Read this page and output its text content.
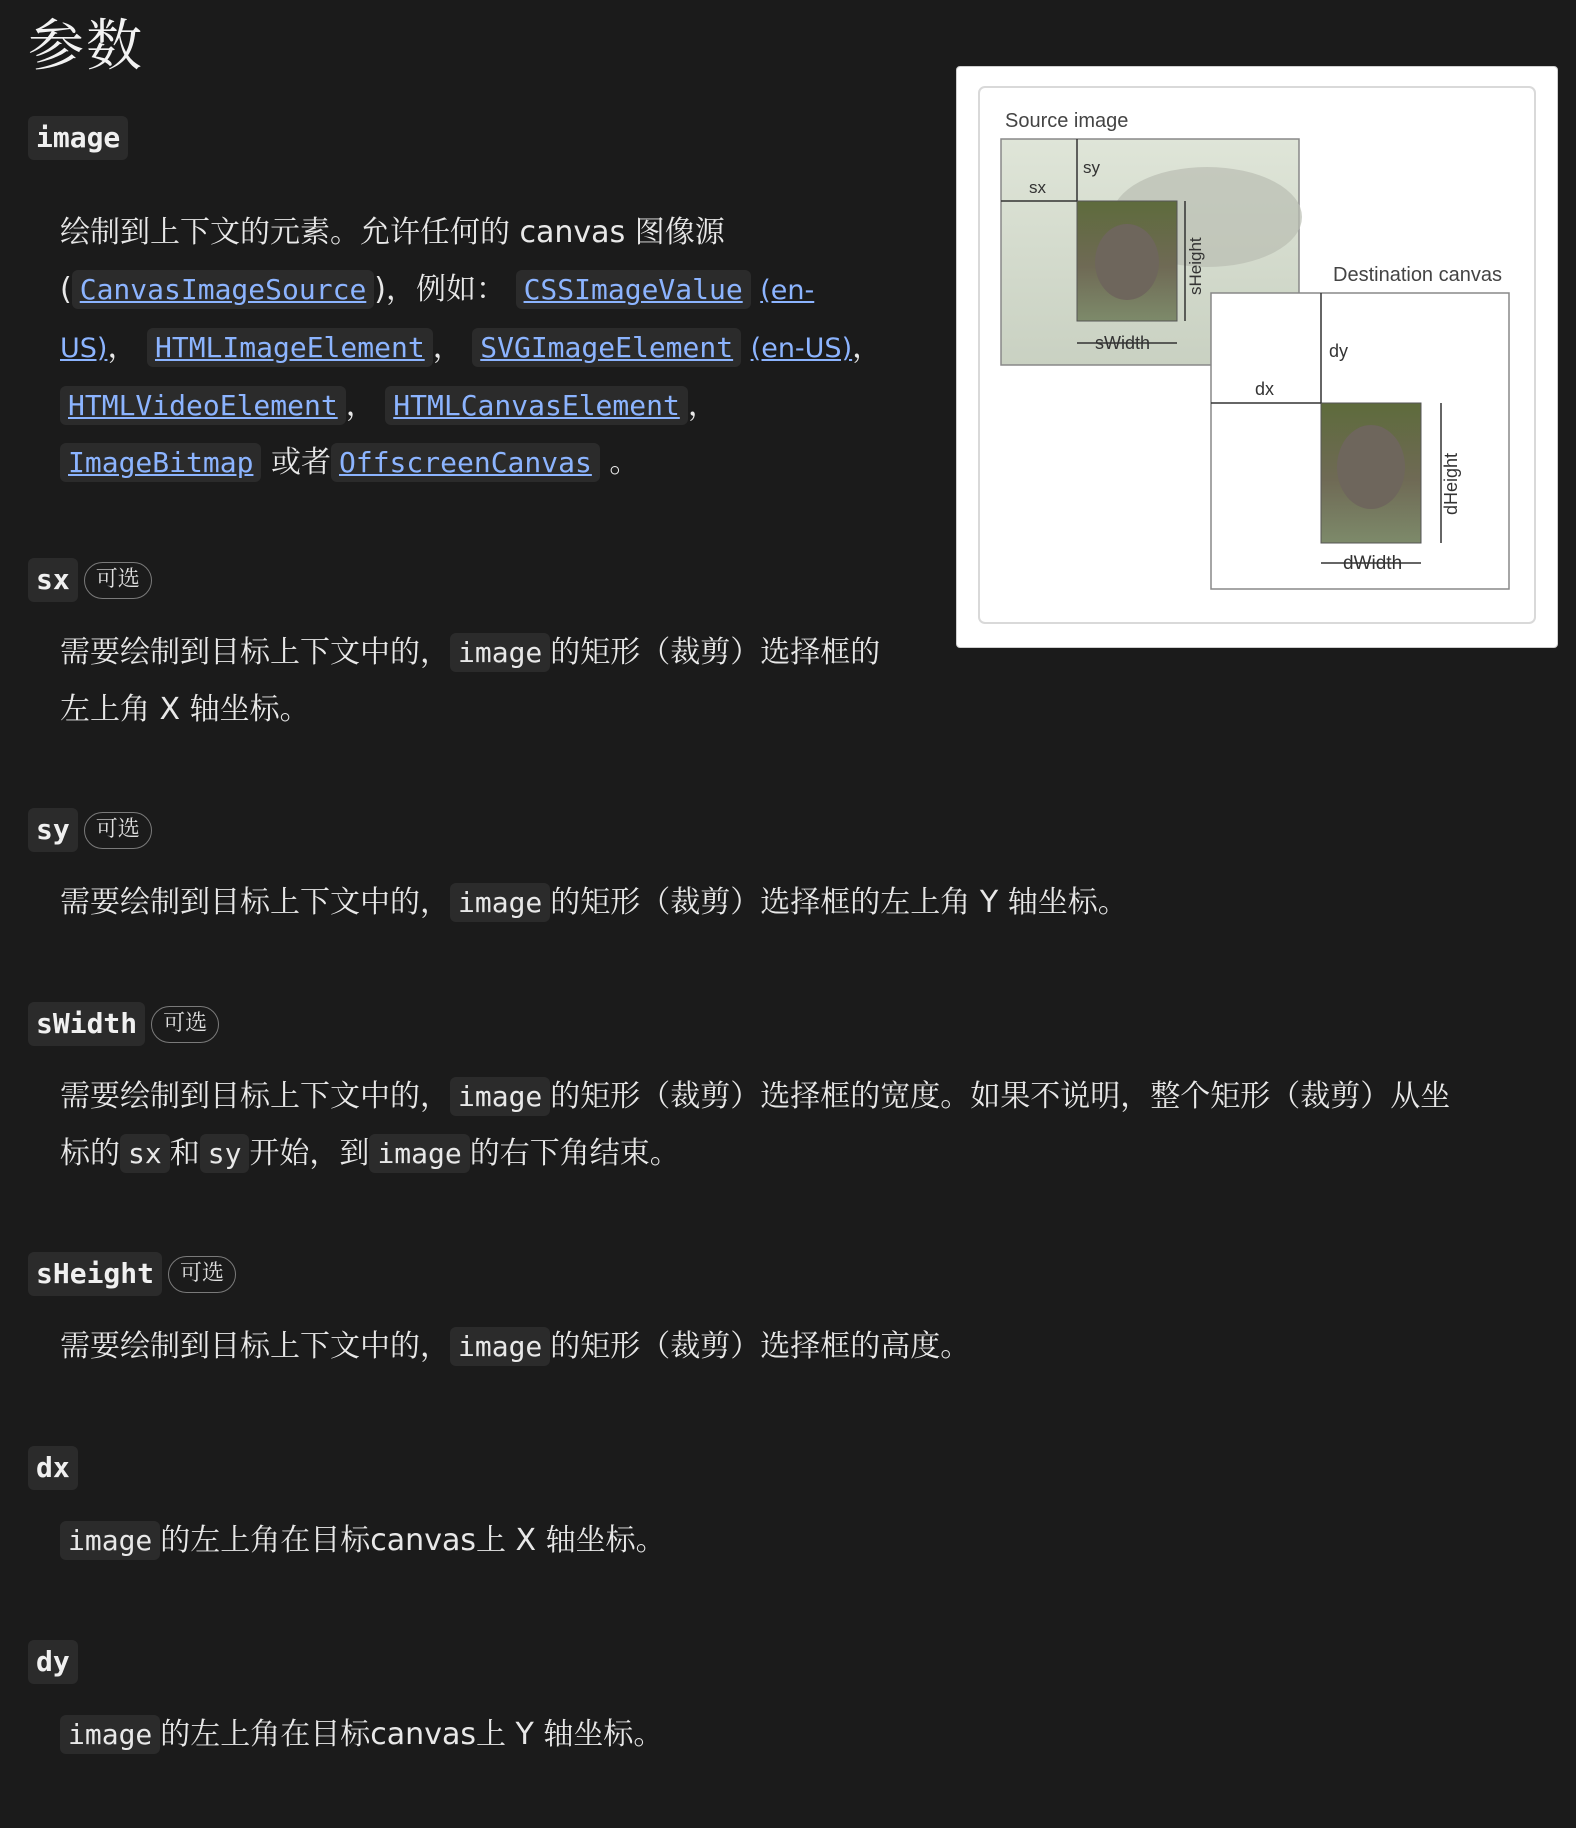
参数
image

绘制到上下文的元素。允许任何的 canvas 图像源

( CanvasImageSource )，例如： CSSImageValue (en-

US)， HTMLImageElement ， SVGImageElement (en-US)，

HTMLVideoElement ， HTMLCanvasElement ，

ImageBitmap 或者 OffscreenCanvas 。

sx	可选

需要绘制到目标上下文中的， image 的矩形（裁剪）选择框的

左上角 X 轴坐标。

sy	可选

需要绘制到目标上下文中的， image 的矩形（裁剪）选择框的左上角 Y 轴坐标。

sWidth	可选

需要绘制到目标上下文中的， image 的矩形（裁剪）选择框的宽度。如果不说明，整个矩形（裁剪）从坐

标的 sx 和 sy 开始，到 image 的右下角结束。

sHeight	可选

需要绘制到目标上下文中的， image 的矩形（裁剪）选择框的高度。

dx

image 的左上角在目标canvas上 X 轴坐标。

dy

image 的左上角在目标canvas上 Y 轴坐标。

Source image
sx
sy
sHeight
sWidth
Destination canvas
dx
dy
dHeight
dWidth
